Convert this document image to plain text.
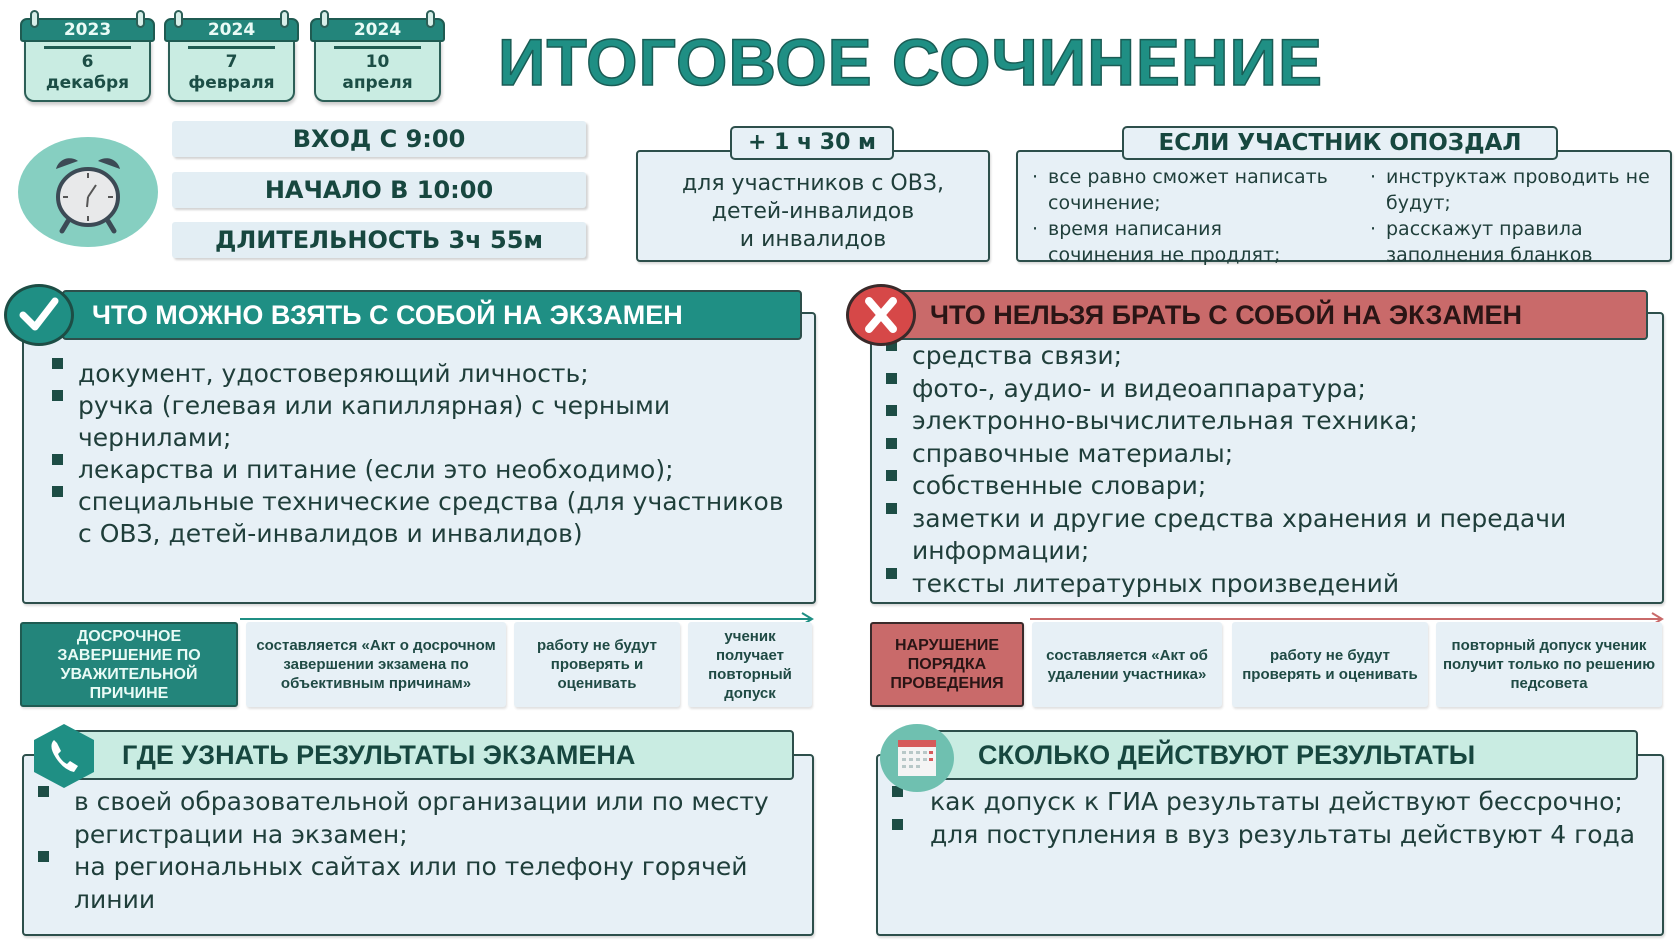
6
декабря
2023
7
февраля
2024
10
апреля
2024	ИТОГОВОЕ СОЧИНЕНИЕ
ВХОД С 9:00
НАЧАЛО В 10:00
ДЛИТЕЛЬНОСТЬ 3ч 55м
для участников с ОВЗ,
детей-инвалидов
и инвалидов
+ 1 ч 30 м
· все равно сможет написать сочинение;
· время написания сочинения не продлят;
· инструктаж проводить не будут;
· расскажут правила заполнения бланков
ЕСЛИ УЧАСТНИК ОПОЗДАЛ
документ, удостоверяющий личность;
ручка (гелевая или капиллярная) с черными чернилами;
лекарства и питание (если это необходимо);
специальные технические средства (для участников с ОВЗ, детей-инвалидов и инвалидов)
ЧТО МОЖНО ВЗЯТЬ С СОБОЙ НА ЭКЗАМЕН
средства связи;
фото-, аудио- и видеоаппаратура;
электронно-вычислительная техника;
справочные материалы;
собственные словари;
заметки и другие средства хранения и передачи информации;
тексты литературных произведений
ЧТО НЕЛЬЗЯ БРАТЬ С СОБОЙ НА ЭКЗАМЕН
ДОСРОЧНОЕ ЗАВЕРШЕНИЕ ПО УВАЖИТЕЛЬНОЙ ПРИЧИНЕ
составляется «Акт о досрочном завершении экзамена по объективным причинам»
работу не будут проверять и оценивать
ученик получает повторный допуск
НАРУШЕНИЕ ПОРЯДКА ПРОВЕДЕНИЯ
составляется «Акт об удалении участника»
работу не будут проверять и оценивать
повторный допуск ученик получит только по решению педсовета
в своей образовательной организации или по месту регистрации на экзамен;
на региональных сайтах или по телефону горячей линии
ГДЕ УЗНАТЬ РЕЗУЛЬТАТЫ ЭКЗАМЕНА
как допуск к ГИА результаты действуют бессрочно;
для поступления в вуз результаты действуют 4 года
СКОЛЬКО ДЕЙСТВУЮТ РЕЗУЛЬТАТЫ
